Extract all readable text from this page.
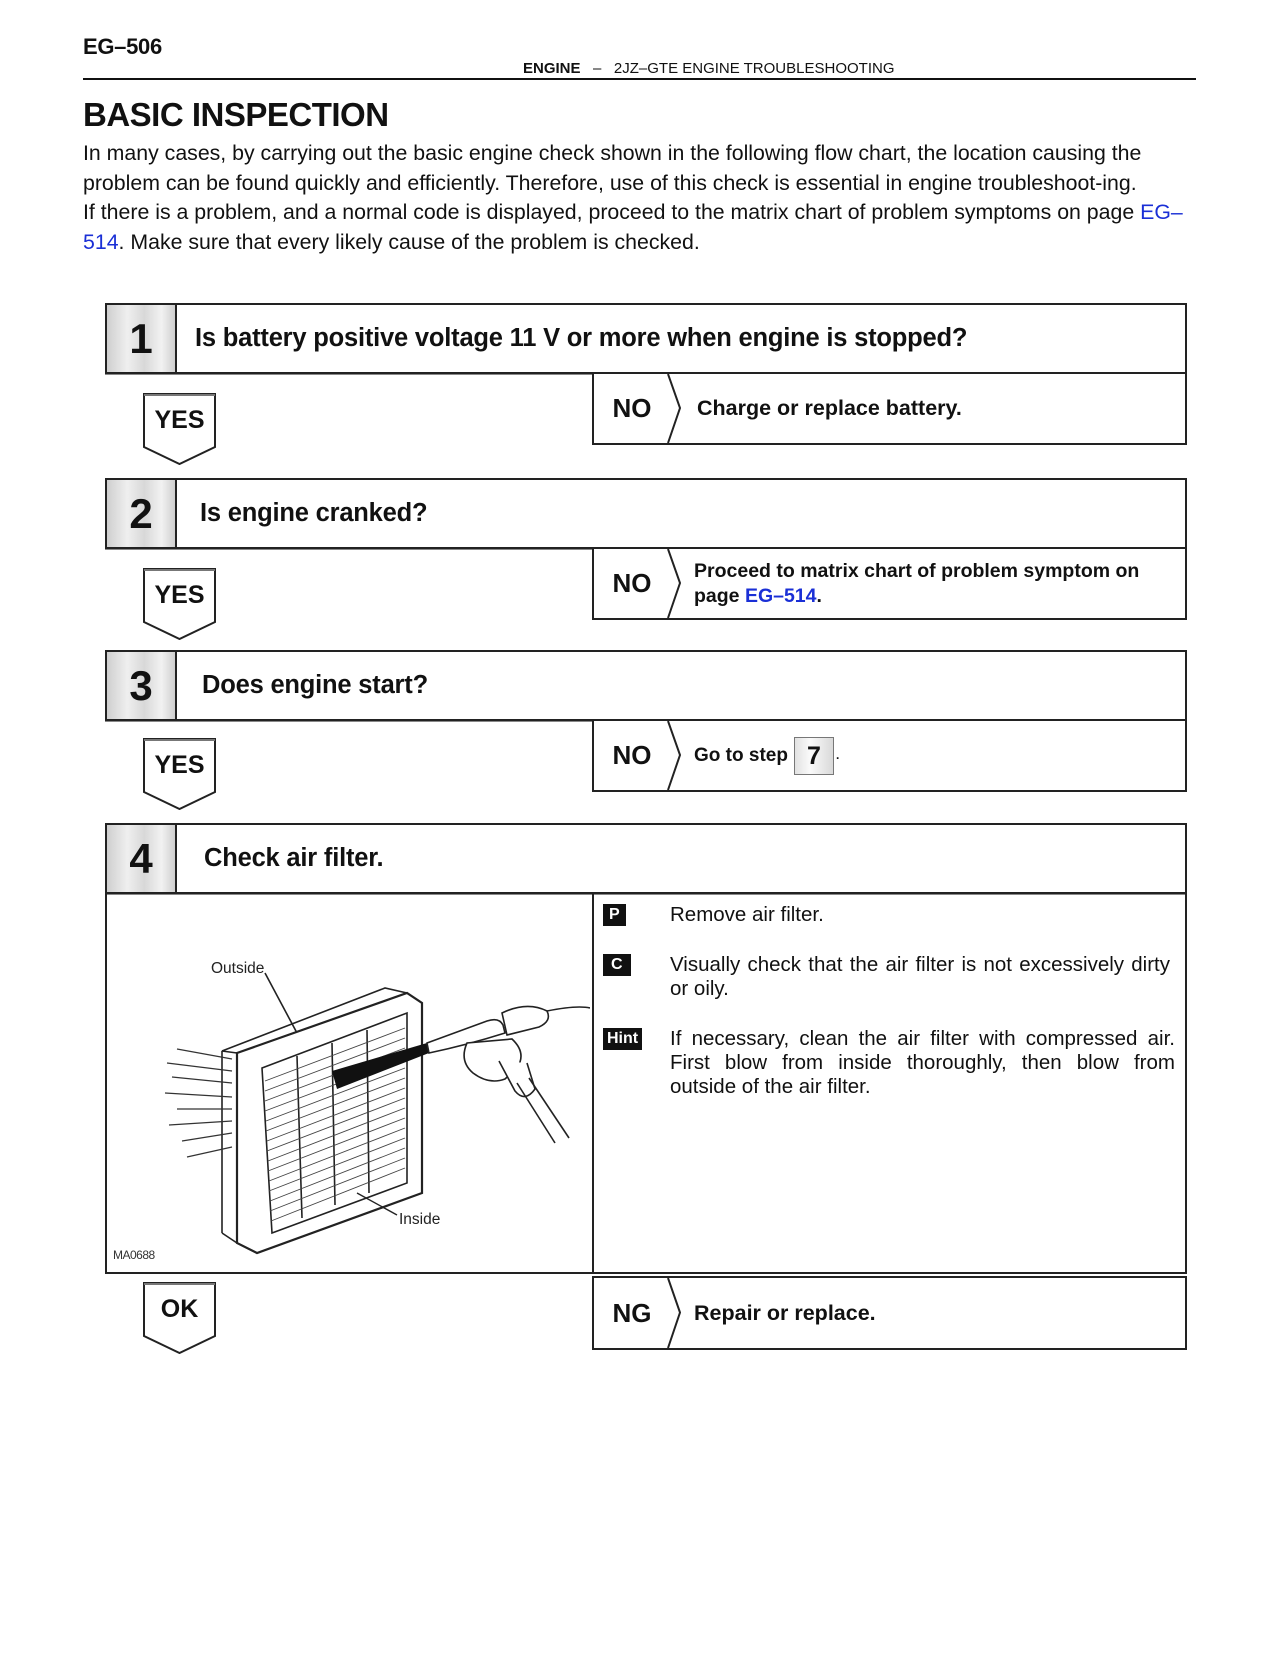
EG–506
ENGINE – 2JZ–GTE ENGINE TROUBLESHOOTING
BASIC INSPECTION

In many cases, by carrying out the basic engine check shown in the following flow chart, the location causing the problem can be found quickly and efficiently. Therefore, use of this check is essential in engine troubleshoot-ing.

If there is a problem, and a normal code is displayed, proceed to the matrix chart of problem symptoms on page EG–514. Make sure that every likely cause of the problem is checked.

1	Is battery positive voltage 11 V or more when engine is stopped?
NO	Charge or replace battery.
YES
2	Is engine cranked?
NO	Proceed to matrix chart of problem symptom on page EG–514.
YES
3	Does engine start?
NO	Go to step 7	.
YES
4	Check air filter.
Outside
Inside
MA0688
P Remove air filter.
C	Visually check that the air filter is not excessively dirty or oily.
Hint If necessary, clean the air filter with compressed air. First blow from inside thoroughly, then blow from outside of the air filter.
NG	Repair or replace.
OK
